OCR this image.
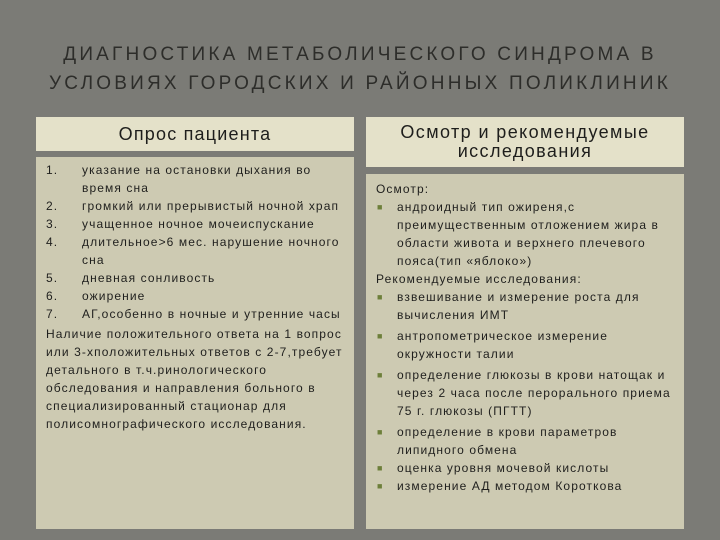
ДИАГНОСТИКА МЕТАБОЛИЧЕСКОГО СИНДРОМА В
УСЛОВИЯХ ГОРОДСКИХ И РАЙОННЫХ ПОЛИКЛИНИК
Опрос пациента	Осмотр и рекомендуемые
исследования
1.	указание на остановки дыхания во время сна
2.	громкий или прерывистый ночной храп
3.	учащенное ночное мочеиспускание
4.	длительное>6 мес. нарушение ночного сна
5.	дневная сонливость
6.	ожирение
7.	АГ,особенно в ночные и утренние часы
Наличие положительного ответа на 1 вопрос или 3-хположительных ответов с 2-7,требует детального в т.ч.ринологического обследования и направления больного в специализированный стационар для полисомнографического исследования.
Осмотр:
■	андроидный тип ожиреня,с преимущественным отложением жира в области живота и верхнего плечевого пояса(тип «яблоко»)
Рекомендуемые исследования:
■	взвешивание и измерение роста для вычисления ИМТ
■	антропометрическое измерение окружности талии
■	определение глюкозы в крови натощак и через 2 часа после перорального приема 75 г. глюкозы (ПГТТ)
■	определение в крови параметров липидного обмена
■	оценка уровня мочевой кислоты
■	измерение АД методом Короткова
